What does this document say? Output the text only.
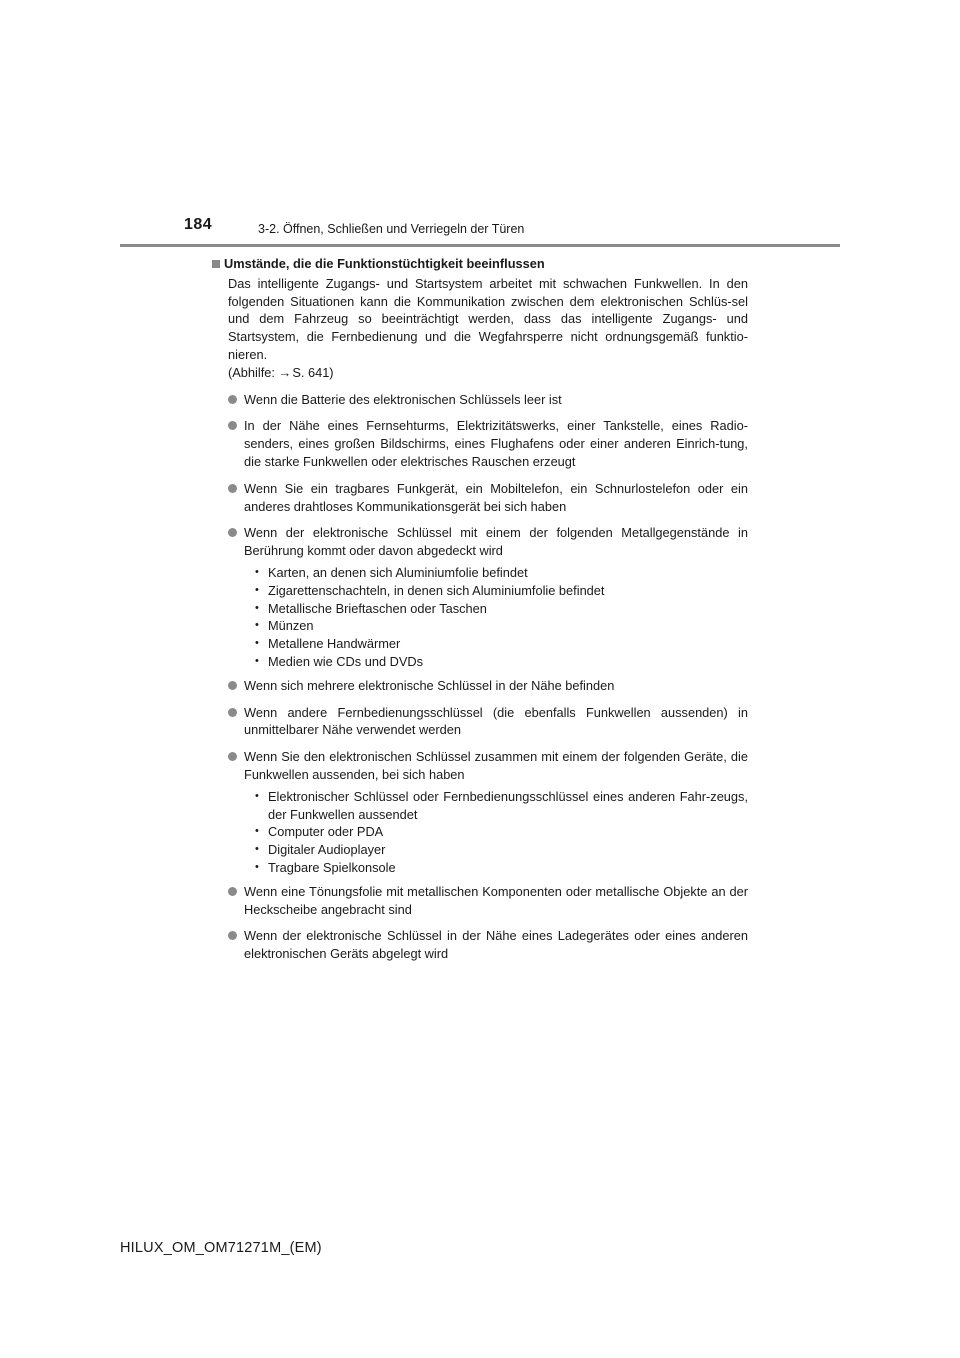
184	3-2. Öffnen, Schließen und Verriegeln der Türen
Umstände, die die Funktionstüchtigkeit beeinflussen

Das intelligente Zugangs- und Startsystem arbeitet mit schwachen Funkwellen. In den folgenden Situationen kann die Kommunikation zwischen dem elektronischen Schlüs-sel und dem Fahrzeug so beeinträchtigt werden, dass das intelligente Zugangs- und Startsystem, die Fernbedienung und die Wegfahrsperre nicht ordnungsgemäß funktio-nieren.

(Abhilfe: →S. 641)

Wenn die Batterie des elektronischen Schlüssels leer ist
In der Nähe eines Fernsehturms, Elektrizitätswerks, einer Tankstelle, eines Radio-senders, eines großen Bildschirms, eines Flughafens oder einer anderen Einrich-tung, die starke Funkwellen oder elektrisches Rauschen erzeugt
Wenn Sie ein tragbares Funkgerät, ein Mobiltelefon, ein Schnurlostelefon oder ein anderes drahtloses Kommunikationsgerät bei sich haben
Wenn der elektronische Schlüssel mit einem der folgenden Metallgegenstände in Berührung kommt oder davon abgedeckt wird
• Karten, an denen sich Aluminiumfolie befindet
• Zigarettenschachteln, in denen sich Aluminiumfolie befindet
• Metallische Brieftaschen oder Taschen
• Münzen
• Metallene Handwärmer
• Medien wie CDs und DVDs
Wenn sich mehrere elektronische Schlüssel in der Nähe befinden
Wenn andere Fernbedienungsschlüssel (die ebenfalls Funkwellen aussenden) in unmittelbarer Nähe verwendet werden
Wenn Sie den elektronischen Schlüssel zusammen mit einem der folgenden Geräte, die Funkwellen aussenden, bei sich haben
• Elektronischer Schlüssel oder Fernbedienungsschlüssel eines anderen Fahr-zeugs, der Funkwellen aussendet
• Computer oder PDA
• Digitaler Audioplayer
• Tragbare Spielkonsole
Wenn eine Tönungsfolie mit metallischen Komponenten oder metallische Objekte an der Heckscheibe angebracht sind
Wenn der elektronische Schlüssel in der Nähe eines Ladegerätes oder eines anderen elektronischen Geräts abgelegt wird
HILUX_OM_OM71271M_(EM)
